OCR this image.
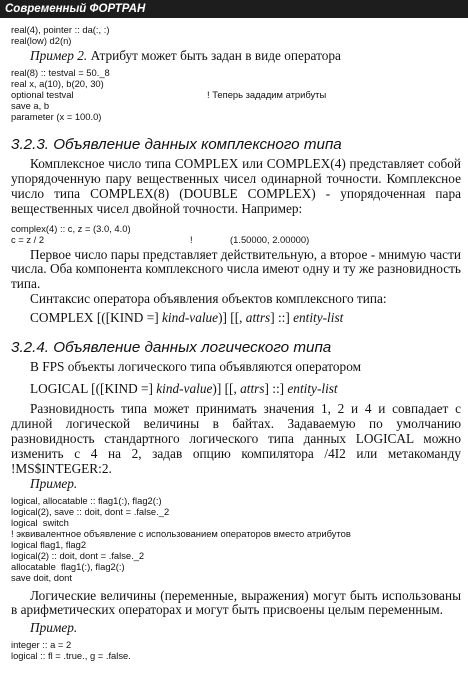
Современный ФОРТРАН
real(4), pointer :: da(:, :)
real(low) d2(n)

Пример 2. Атрибут может быть задан в виде оператора

real(8) :: testval = 50._8
real x, a(10), b(20, 30)
optional testval	! Теперь зададим атрибуты
save a, b
parameter (x = 100.0)

3.2.3. Объявление данных комплексного типа

Комплексное число типа COMPLEX или COMPLEX(4) представляет собой упорядоченную пару вещественных чисел одинарной точности. Комплексное число типа COMPLEX(8) (DOUBLE COMPLEX) - упорядоченная пара вещественных чисел двойной точности. Например:

complex(4) :: c, z = (3.0, 4.0)
c = z / 2	!	(1.50000, 2.00000)

Первое число пары представляет действительную, а второе - мнимую части числа. Оба компонента комплексного числа имеют одну и ту же разновидность типа.

Синтаксис оператора объявления объектов комплексного типа:

COMPLEX [([KIND =] kind-value)] [[, attrs] ::] entity-list

3.2.4. Объявление данных логического типа

В FPS объекты логического типа объявляются оператором

LOGICAL [([KIND =] kind-value)] [[, attrs] ::] entity-list

Разновидность типа может принимать значения 1, 2 и 4 и совпадает с длиной логической величины в байтах. Задаваемую по умолчанию разновидность стандартного логического типа данных LOGICAL можно изменить с 4 на 2, задав опцию компилятора /4I2 или метакоманду !MS$INTEGER:2.

Пример.

logical, allocatable :: flag1(:), flag2(:)
logical(2), save :: doit, dont = .false._2
logical  switch
! эквивалентное объявление с использованием операторов вместо атрибутов
logical flag1, flag2
logical(2) :: doit, dont = .false._2
allocatable  flag1(:), flag2(:)
save doit, dont

Логические величины (переменные, выражения) могут быть использованы в арифметических операторах и могут быть присвоены целым переменным.

Пример.

integer :: a = 2
logical :: fl = .true., g = .false.
